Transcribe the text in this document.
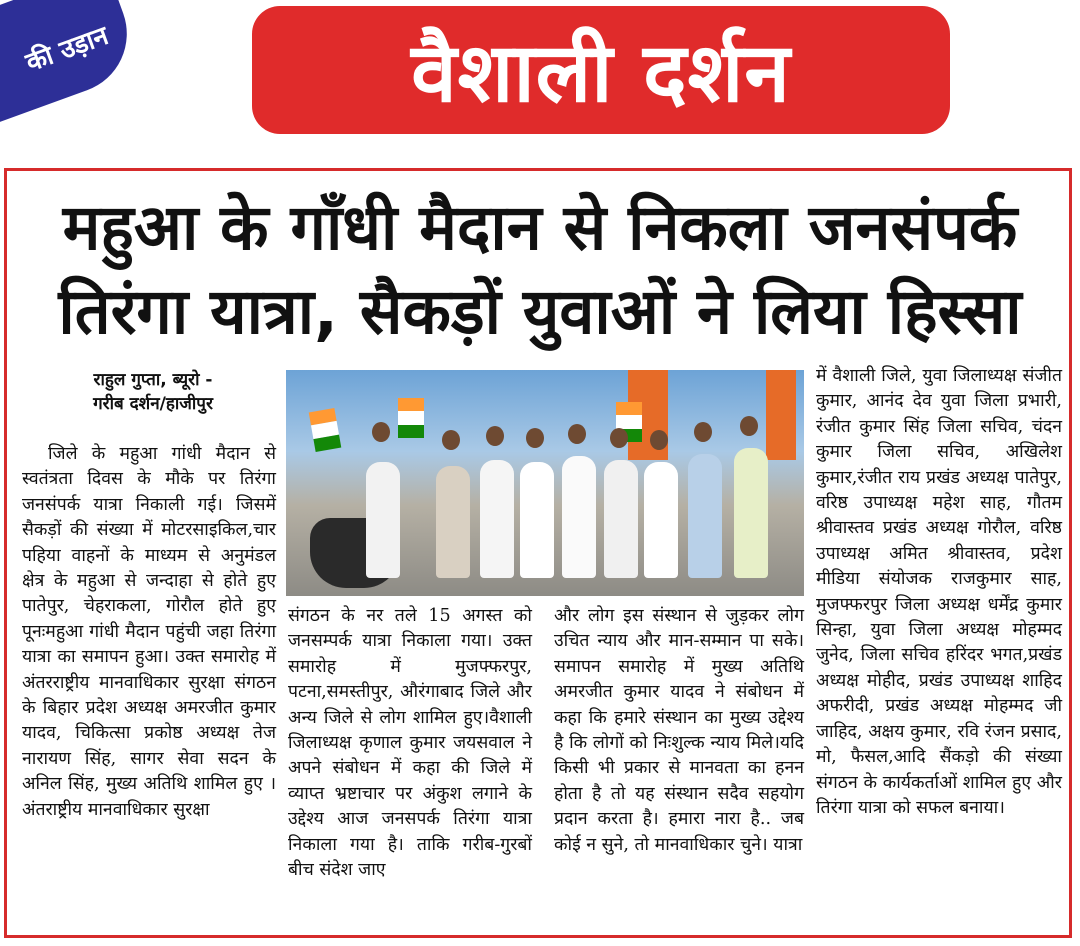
की उड़ान	वैशाली दर्शन
महुआ के गाँधी मैदान से निकला जनसंपर्क
तिरंगा यात्रा, सैकड़ों युवाओं ने लिया हिस्सा
राहुल गुप्ता, ब्यूरो -
गरीब दर्शन/हाजीपुर

जिले के महुआ गांधी मैदान से स्वतंत्रता दिवस के मौके पर तिरंगा जनसंपर्क यात्रा निकाली गई। जिसमें सैकड़ों की संख्या में मोटरसाइकिल,चार पहिया वाहनों के माध्यम से अनुमंडल क्षेत्र के महुआ से जन्दाहा से होते हुए पातेपुर, चेहराकला, गोरौल होते हुए पूनःमहुआ गांधी मैदान पहुंची जहा तिरंगा यात्रा का समापन हुआ। उक्त समारोह में अंतरराष्ट्रीय मानवाधिकार सुरक्षा संगठन के बिहार प्रदेश अध्यक्ष अमरजीत कुमार यादव, चिकित्सा प्रकोष्ठ अध्यक्ष तेज नारायण सिंह, सागर सेवा सदन के अनिल सिंह, मुख्य अतिथि शामिल हुए ।अंतराष्ट्रीय मानवाधिकार सुरक्षा

संगठन के नर तले 15 अगस्त को जनसम्पर्क यात्रा निकाला गया। उक्त समारोह में मुजफ्फरपुर, पटना,समस्तीपुर, औरंगाबाद जिले और अन्य जिले से लोग शामिल हुए।वैशाली जिलाध्यक्ष कृणाल कुमार जयसवाल ने अपने संबोधन में कहा की जिले में व्याप्त भ्रष्टाचार पर अंकुश लगाने के उद्देश्य आज जनसपर्क तिरंगा यात्रा निकाला गया है। ताकि गरीब-गुरबों बीच संदेश जाए

और लोग इस संस्थान से जुड़कर लोग उचित न्याय और मान-सम्मान पा सके। समापन समारोह में मुख्य अतिथि अमरजीत कुमार यादव ने संबोधन में कहा कि हमारे संस्थान का मुख्य उद्देश्य है कि लोगों को निःशुल्क न्याय मिले।यदि किसी भी प्रकार से मानवता का हनन होता है तो यह संस्थान सदैव सहयोग प्रदान करता है। हमारा नारा है.. जब कोई न सुने, तो मानवाधिकार चुने। यात्रा

में वैशाली जिले, युवा जिलाध्यक्ष संजीत कुमार, आनंद देव युवा जिला प्रभारी, रंजीत कुमार सिंह जिला सचिव, चंदन कुमार जिला सचिव, अखिलेश कुमार,रंजीत राय प्रखंड अध्यक्ष पातेपुर, वरिष्ठ उपाध्यक्ष महेश साह, गौतम श्रीवास्तव प्रखंड अध्यक्ष गोरौल, वरिष्ठ उपाध्यक्ष अमित श्रीवास्तव, प्रदेश मीडिया संयोजक राजकुमार साह, मुजफ्फरपुर जिला अध्यक्ष धर्मेंद्र कुमार सिन्हा, युवा जिला अध्यक्ष मोहम्मद जुनेद, जिला सचिव हरिंदर भगत,प्रखंड अध्यक्ष मोहीद, प्रखंड उपाध्यक्ष शाहिद अफरीदी, प्रखंड अध्यक्ष मोहम्मद जी जाहिद, अक्षय कुमार, रवि रंजन प्रसाद, मो, फैसल,आदि सैंकड़ो की संख्या संगठन के कार्यकर्ताओं शामिल हुए और तिरंगा यात्रा को सफल बनाया।
